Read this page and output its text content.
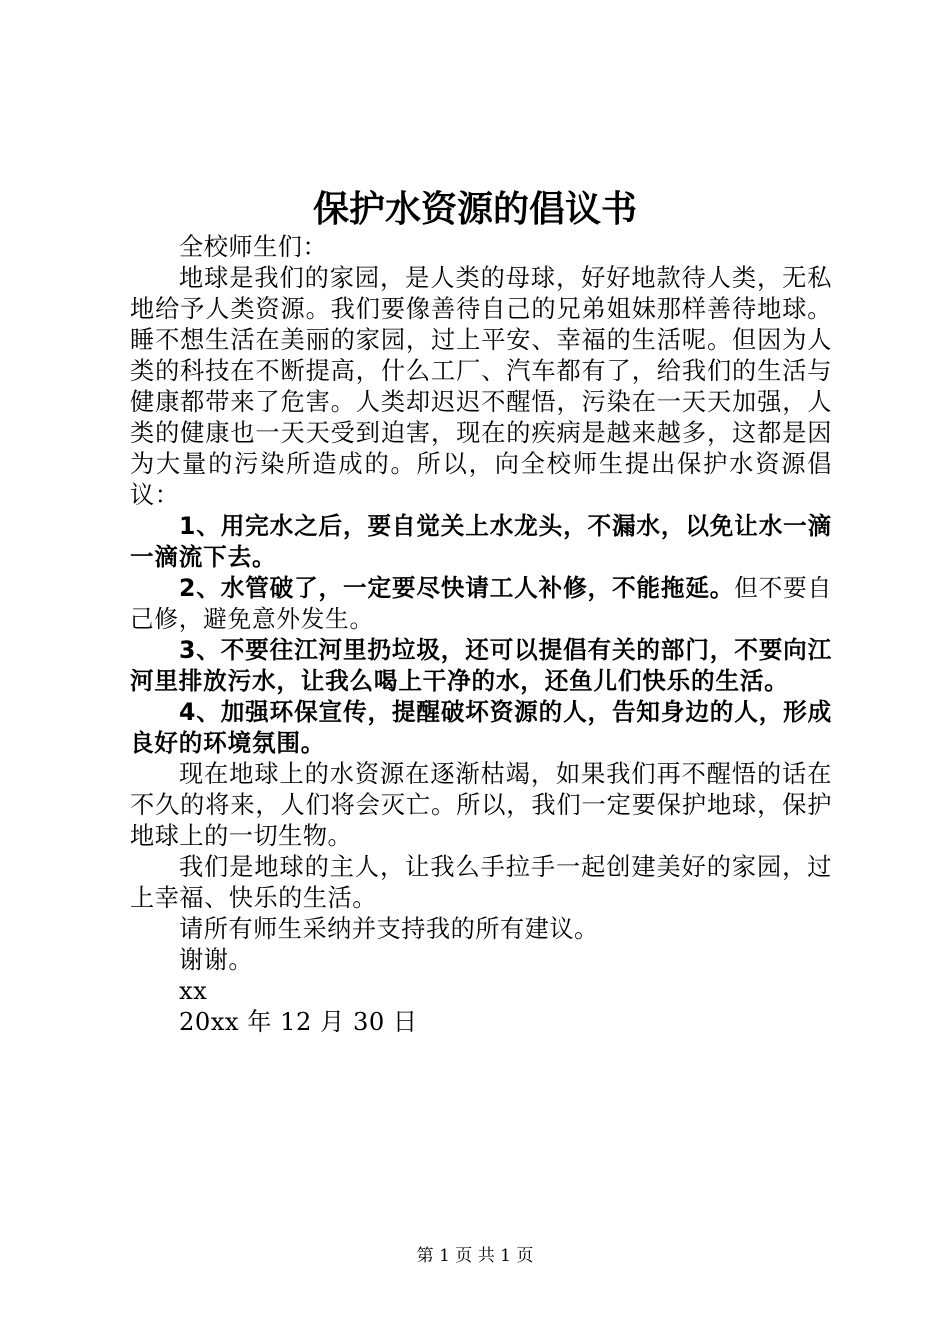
保护水资源的倡议书

全校师生们：

地球是我们的家园，是人类的母球，好好地款待人类，无私地给予人类资源。我们要像善待自己的兄弟姐妹那样善待地球。睡不想生活在美丽的家园，过上平安、幸福的生活呢。但因为人类的科技在不断提高，什么工厂、汽车都有了，给我们的生活与健康都带来了危害。人类却迟迟不醒悟，污染在一天天加强，人类的健康也一天天受到迫害，现在的疾病是越来越多，这都是因为大量的污染所造成的。所以，向全校师生提出保护水资源倡议：

1、用完水之后，要自觉关上水龙头，不漏水，以免让水一滴一滴流下去。

2、水管破了，一定要尽快请工人补修，不能拖延。但不要自己修，避免意外发生。

3、不要往江河里扔垃圾，还可以提倡有关的部门，不要向江河里排放污水，让我么喝上干净的水，还鱼儿们快乐的生活。

4、加强环保宣传，提醒破坏资源的人，告知身边的人，形成良好的环境氛围。

现在地球上的水资源在逐渐枯竭，如果我们再不醒悟的话在不久的将来，人们将会灭亡。所以，我们一定要保护地球，保护地球上的一切生物。

我们是地球的主人，让我么手拉手一起创建美好的家园，过上幸福、快乐的生活。

请所有师生采纳并支持我的所有建议。

谢谢。

xx

20xx 年 12 月 30 日

第 1 页 共 1 页
